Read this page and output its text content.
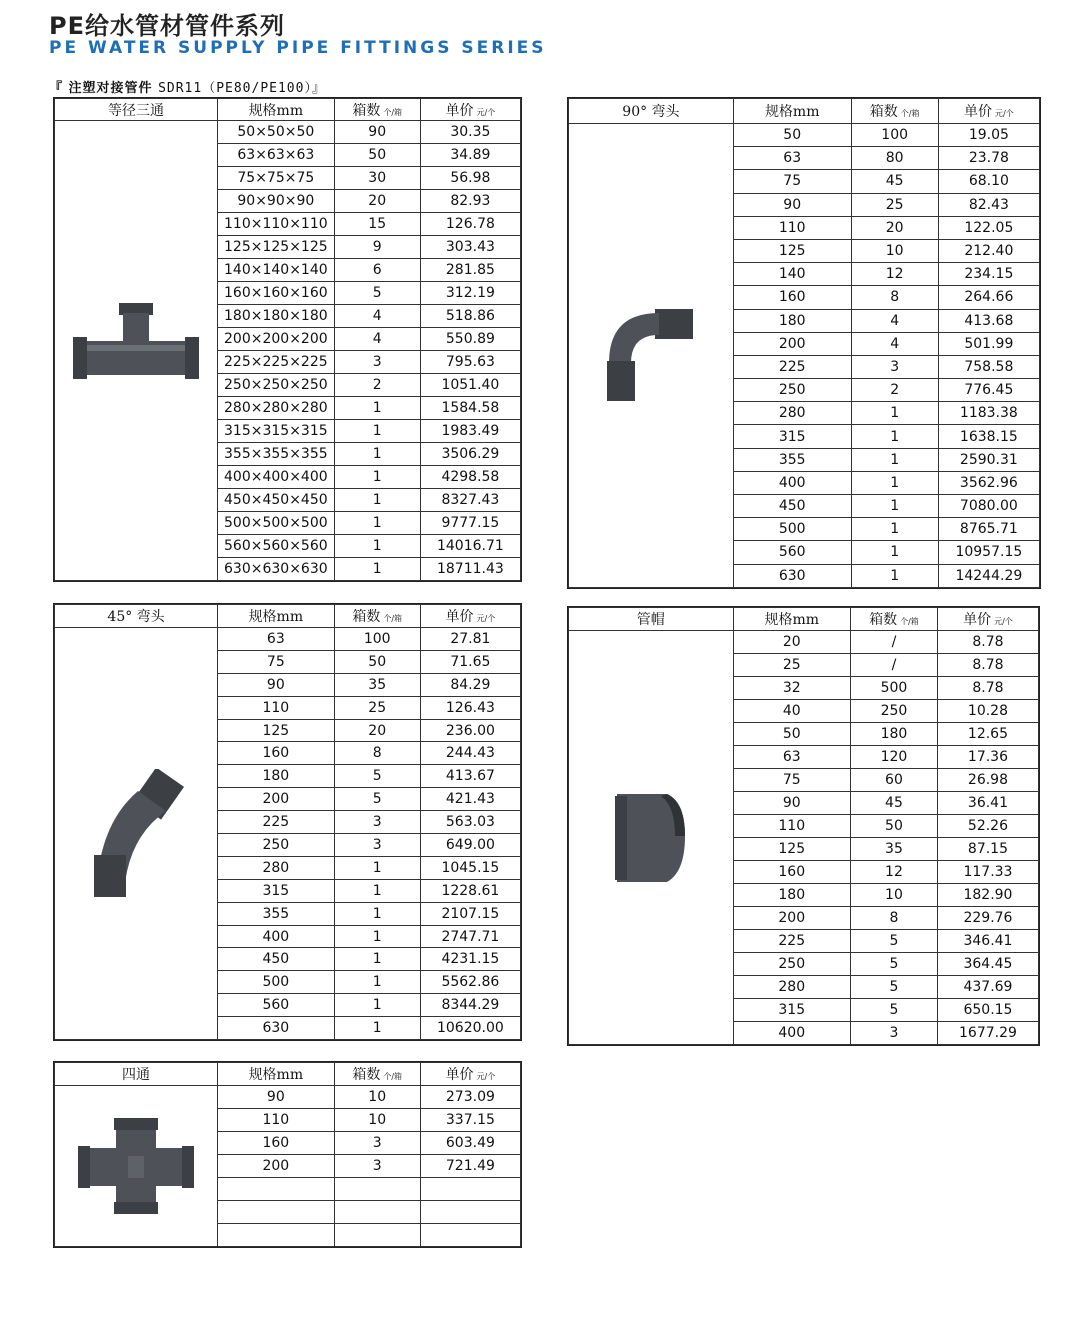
PE给水管材管件系列
PE WATER SUPPLY PIPE FITTINGS SERIES
『 注塑对接管件 SDR11（PE80/PE100）』
等径三通	规格mm	箱数 个/箱	单价 元/个

	50×50×50	90	30.35
	63×63×63	50	34.89
	75×75×75	30	56.98
	90×90×90	20	82.93
	110×110×110	15	126.78
	125×125×125	9	303.43
	140×140×140	6	281.85
	160×160×160	5	312.19
	180×180×180	4	518.86
	200×200×200	4	550.89
	225×225×225	3	795.63
	250×250×250	2	1051.40
	280×280×280	1	1584.58
	315×315×315	1	1983.49
	355×355×355	1	3506.29
	400×400×400	1	4298.58
	450×450×450	1	8327.43
	500×500×500	1	9777.15
	560×560×560	1	14016.71
	630×630×630	1	18711.43
90° 弯头	规格mm	箱数 个/箱	单价 元/个

	50	100	19.05
	63	80	23.78
	75	45	68.10
	90	25	82.43
	110	20	122.05
	125	10	212.40
	140	12	234.15
	160	8	264.66
	180	4	413.68
	200	4	501.99
	225	3	758.58
	250	2	776.45
	280	1	1183.38
	315	1	1638.15
	355	1	2590.31
	400	1	3562.96
	450	1	7080.00
	500	1	8765.71
	560	1	10957.15
	630	1	14244.29
45° 弯头	规格mm	箱数 个/箱	单价 元/个

	63	100	27.81
	75	50	71.65
	90	35	84.29
	110	25	126.43
	125	20	236.00
	160	8	244.43
	180	5	413.67
	200	5	421.43
	225	3	563.03
	250	3	649.00
	280	1	1045.15
	315	1	1228.61
	355	1	2107.15
	400	1	2747.71
	450	1	4231.15
	500	1	5562.86
	560	1	8344.29
	630	1	10620.00
管帽	规格mm	箱数 个/箱	单价 元/个

	20	/	8.78
	25	/	8.78
	32	500	8.78
	40	250	10.28
	50	180	12.65
	63	120	17.36
	75	60	26.98
	90	45	36.41
	110	50	52.26
	125	35	87.15
	160	12	117.33
	180	10	182.90
	200	8	229.76
	225	5	346.41
	250	5	364.45
	280	5	437.69
	315	5	650.15
	400	3	1677.29
四通	规格mm	箱数 个/箱	单价 元/个

	90	10	273.09
	110	10	337.15
	160	3	603.49
	200	3	721.49
